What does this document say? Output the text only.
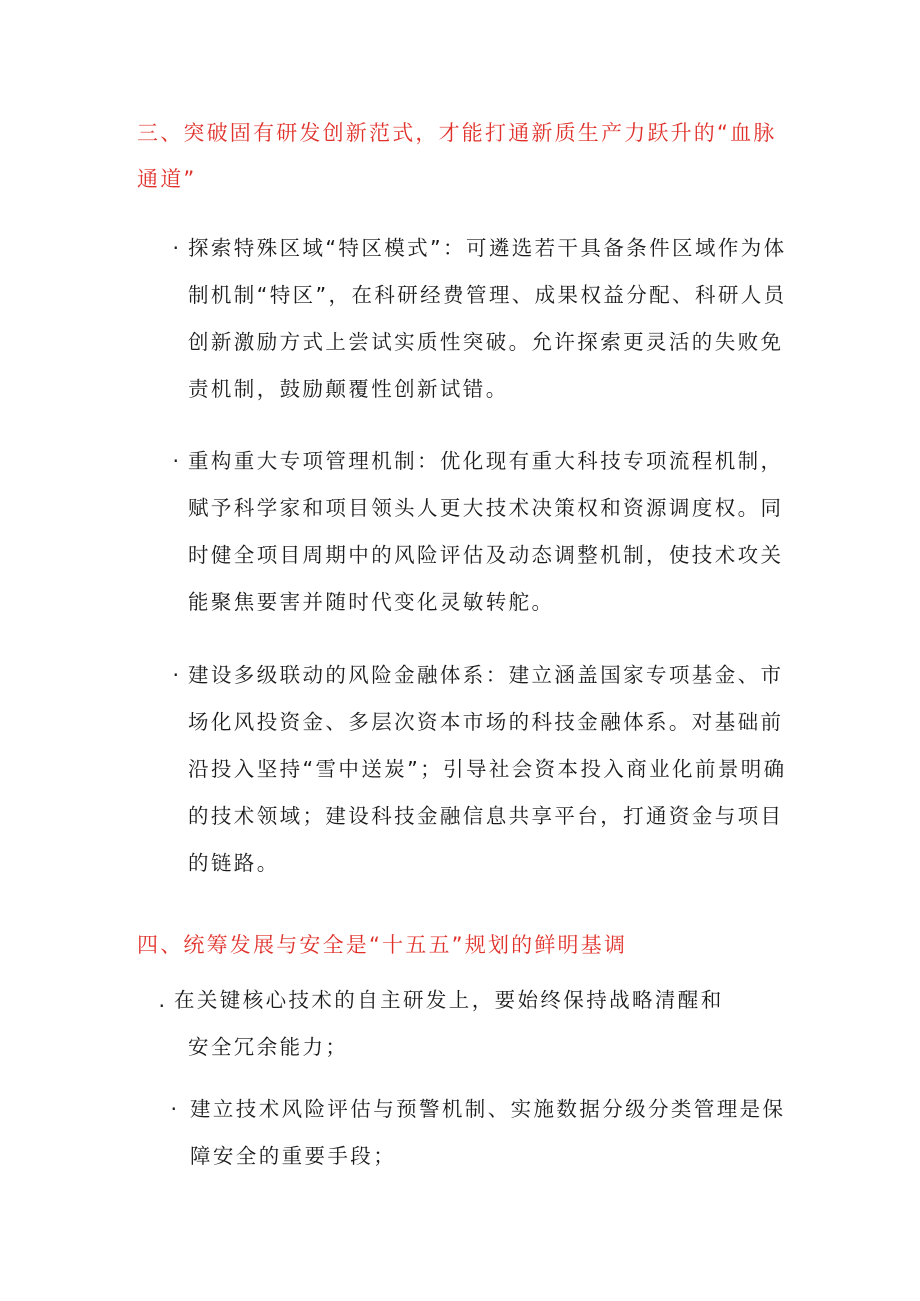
三、突破固有研发创新范式，才能打通新质生产力跃升的“血脉通道”

· 探索特殊区域“特区模式”：可遴选若干具备条件区域作为体制机制“特区”，在科研经费管理、成果权益分配、科研人员创新激励方式上尝试实质性突破。允许探索更灵活的失败免责机制，鼓励颠覆性创新试错。

· 重构重大专项管理机制：优化现有重大科技专项流程机制，赋予科学家和项目领头人更大技术决策权和资源调度权。同时健全项目周期中的风险评估及动态调整机制，使技术攻关能聚焦要害并随时代变化灵敏转舵。

· 建设多级联动的风险金融体系：建立涵盖国家专项基金、市场化风投资金、多层次资本市场的科技金融体系。对基础前沿投入坚持“雪中送炭”；引导社会资本投入商业化前景明确的技术领域；建设科技金融信息共享平台，打通资金与项目的链路。

四、统筹发展与安全是“十五五”规划的鲜明基调

. 在关键核心技术的自主研发上，要始终保持战略清醒和
安全冗余能力；

· 建立技术风险评估与预警机制、实施数据分级分类管理是保障安全的重要手段；
